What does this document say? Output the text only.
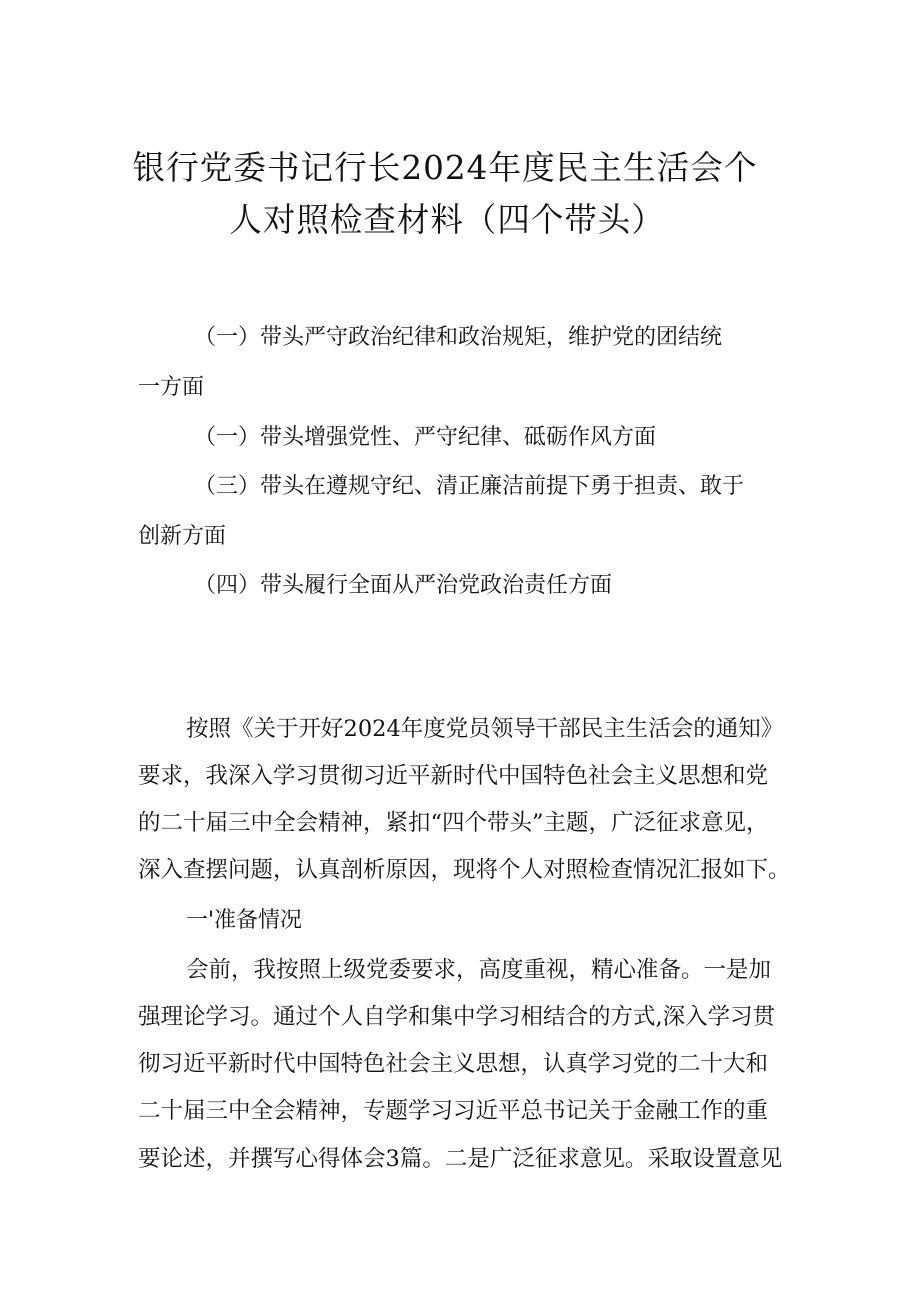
银行党委书记行长2024年度民主生活会个
人对照检查材料（四个带头）
（一）带头严守政治纪律和政治规矩，维护党的团结统
一方面
（一）带头增强党性、严守纪律、砥砺作风方面
（三）带头在遵规守纪、清正廉洁前提下勇于担责、敢于
创新方面
（四）带头履行全面从严治党政治责任方面
按照《关于开好2024年度党员领导干部民主生活会的通知》
要求，我深入学习贯彻习近平新时代中国特色社会主义思想和党
的二十届三中全会精神，紧扣“四个带头”主题，广泛征求意见，
深入查摆问题，认真剖析原因，现将个人对照检查情况汇报如下。
一'准备情况
会前，我按照上级党委要求，高度重视，精心准备。一是加
强理论学习。通过个人自学和集中学习相结合的方式,深入学习贯
彻习近平新时代中国特色社会主义思想，认真学习党的二十大和
二十届三中全会精神，专题学习习近平总书记关于金融工作的重
要论述，并撰写心得体会3篇。二是广泛征求意见。采取设置意见
